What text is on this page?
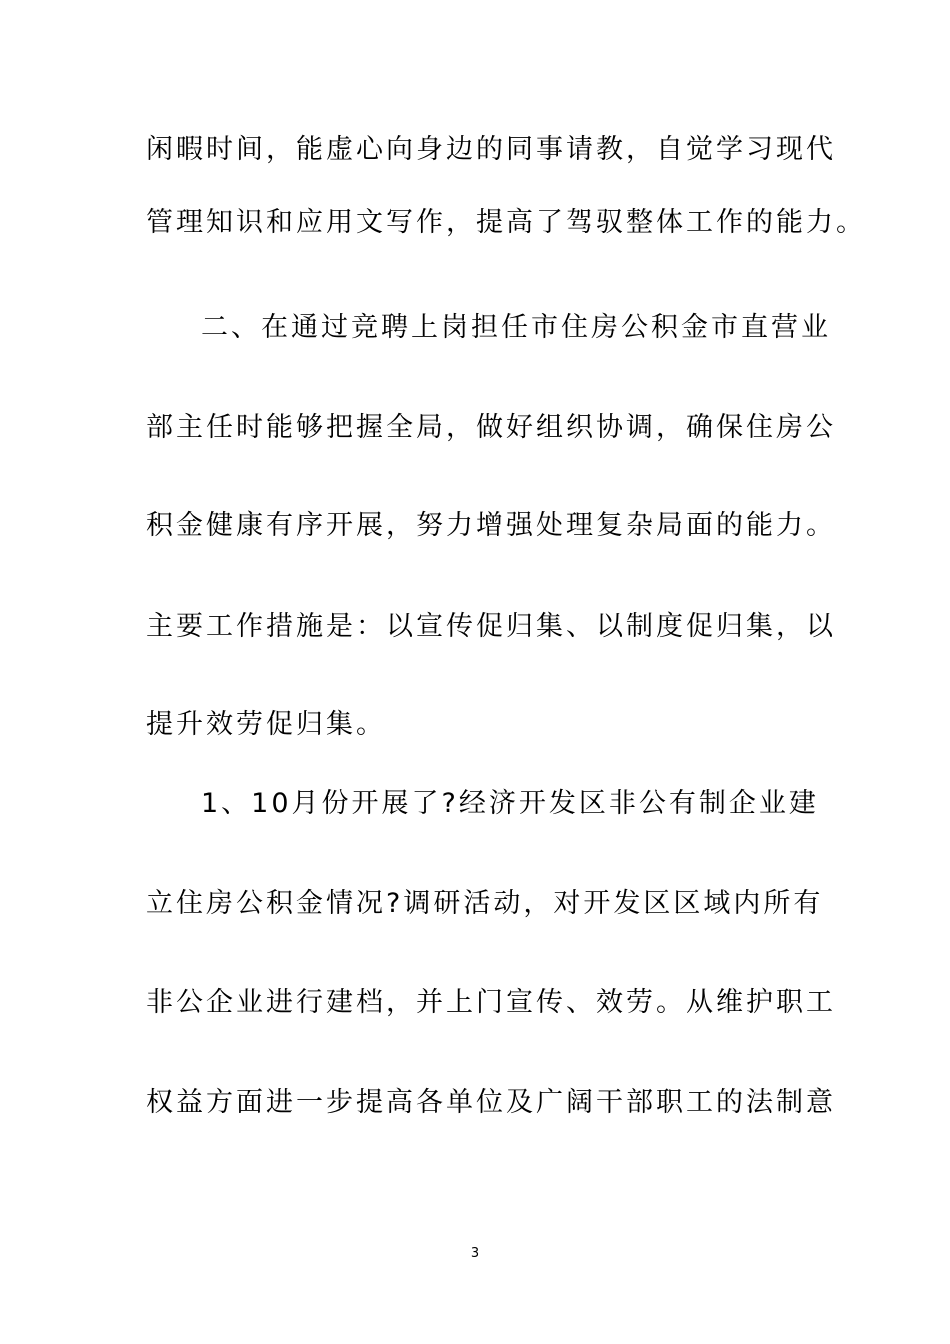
闲暇时间，能虚心向身边的同事请教，自觉学习现代
管理知识和应用文写作，提高了驾驭整体工作的能力。
二、在通过竞聘上岗担任市住房公积金市直营业
部主任时能够把握全局，做好组织协调，确保住房公
积金健康有序开展，努力增强处理复杂局面的能力。
主要工作措施是：以宣传促归集、以制度促归集，以
提升效劳促归集。
1、10月份开展了?经济开发区非公有制企业建
立住房公积金情况?调研活动，对开发区区域内所有
非公企业进行建档，并上门宣传、效劳。从维护职工
权益方面进一步提高各单位及广阔干部职工的法制意
3
